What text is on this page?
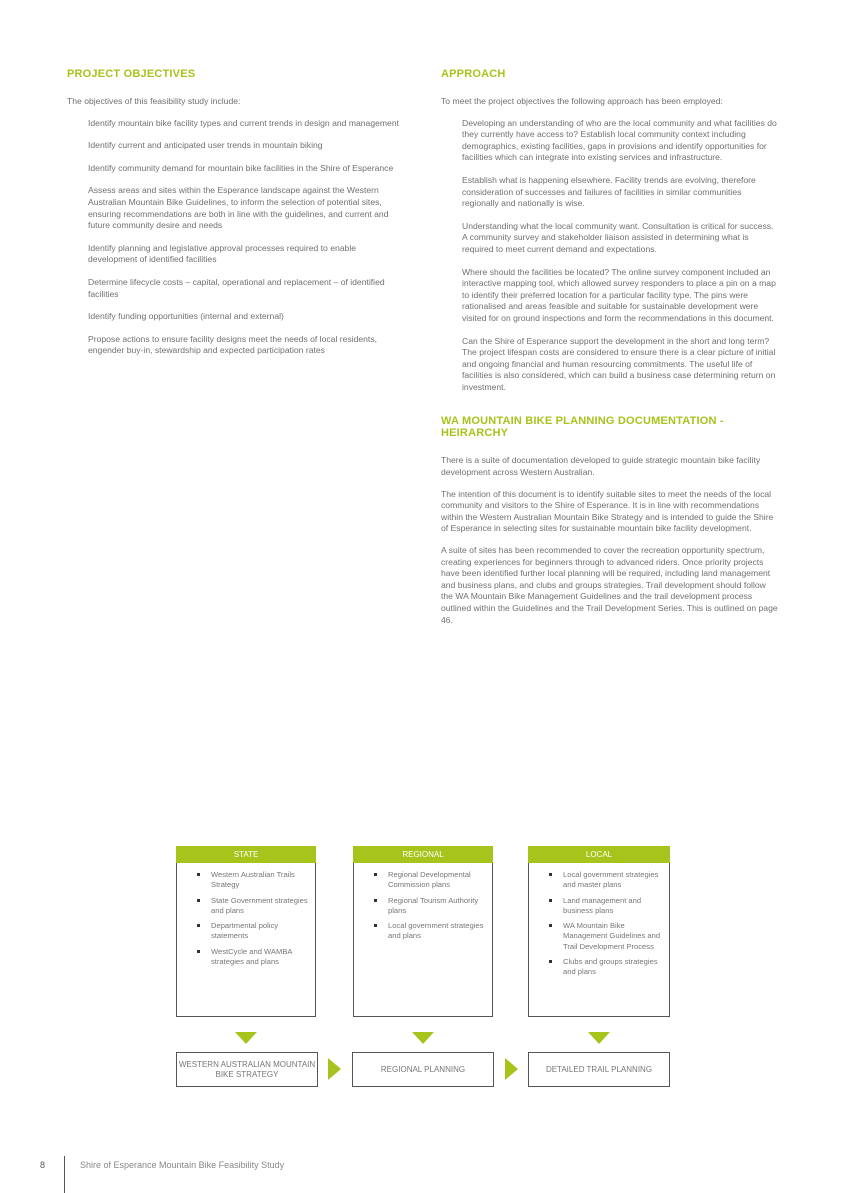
PROJECT OBJECTIVES

The objectives of this feasibility study include:

Identify mountain bike facility types and current trends in design and management

Identify current and anticipated user trends in mountain biking

Identify community demand for mountain bike facilities in the Shire of Esperance

Assess areas and sites within the Esperance landscape against the Western Australian Mountain Bike Guidelines, to inform the selection of potential sites, ensuring recommendations are both in line with the guidelines, and current and future community desire and needs

Identify planning and legislative approval processes required to enable development of identified facilities

Determine lifecycle costs – capital, operational and replacement – of identified facilities

Identify funding opportunities (internal and external)

Propose actions to ensure facility designs meet the needs of local residents, engender buy-in, stewardship and expected participation rates

APPROACH

To meet the project objectives the following approach has been employed:

Developing an understanding of who are the local community and what facilities do they currently have access to? Establish local community context including demographics, existing facilities, gaps in provisions and identify opportunities for facilities which can integrate into existing services and infrastructure.

Establish what is happening elsewhere. Facility trends are evolving, therefore consideration of successes and failures of facilities in similar communities regionally and nationally is wise.

Understanding what the local community want. Consultation is critical for success. A community survey and stakeholder liaison assisted in determining what is required to meet current demand and expectations.

Where should the facilities be located? The online survey component included an interactive mapping tool, which allowed survey responders to place a pin on a map to identify their preferred location for a particular facility type. The pins were rationalised and areas feasible and suitable for sustainable development were visited for on ground inspections and form the recommendations in this document.

Can the Shire of Esperance support the development in the short and long term? The project lifespan costs are considered to ensure there is a clear picture of initial and ongoing financial and human resourcing commitments. The useful life of facilities is also considered, which can build a business case determining return on investment.

WA MOUNTAIN BIKE PLANNING DOCUMENTATION - HEIRARCHY

There is a suite of documentation developed to guide strategic mountain bike facility development across Western Australian.

The intention of this document is to identify suitable sites to meet the needs of the local community and visitors to the Shire of Esperance. It is in line with recommendations within the Western Australian Mountain Bike Strategy and is intended to guide the Shire of Esperance in selecting sites for sustainable mountain bike facility development.

A suite of sites has been recommended to cover the recreation opportunity spectrum, creating experiences for beginners through to advanced riders. Once priority projects have been identified further local planning will be required, including land management and business plans, and clubs and groups strategies. Trail development should follow the WA Mountain Bike Management Guidelines and the trail development process outlined within the Guidelines and the Trail Development Series. This is outlined on page 46.

STATE
Western Australian Trails Strategy
State Government strategies and plans
Departmental policy statements
WestCycle and WAMBA strategies and plans
REGIONAL
Regional Developmental Commission plans
Regional Tourism Authority plans
Local government strategies and plans
LOCAL
Local government strategies and master plans
Land management and business plans
WA Mountain Bike Management Guidelines and Trail Development Process
Clubs and groups strategies and plans
WESTERN AUSTRALIAN MOUNTAIN BIKE STRATEGY
REGIONAL PLANNING	DETAILED TRAIL PLANNING
8	Shire of Esperance Mountain Bike Feasibility Study
